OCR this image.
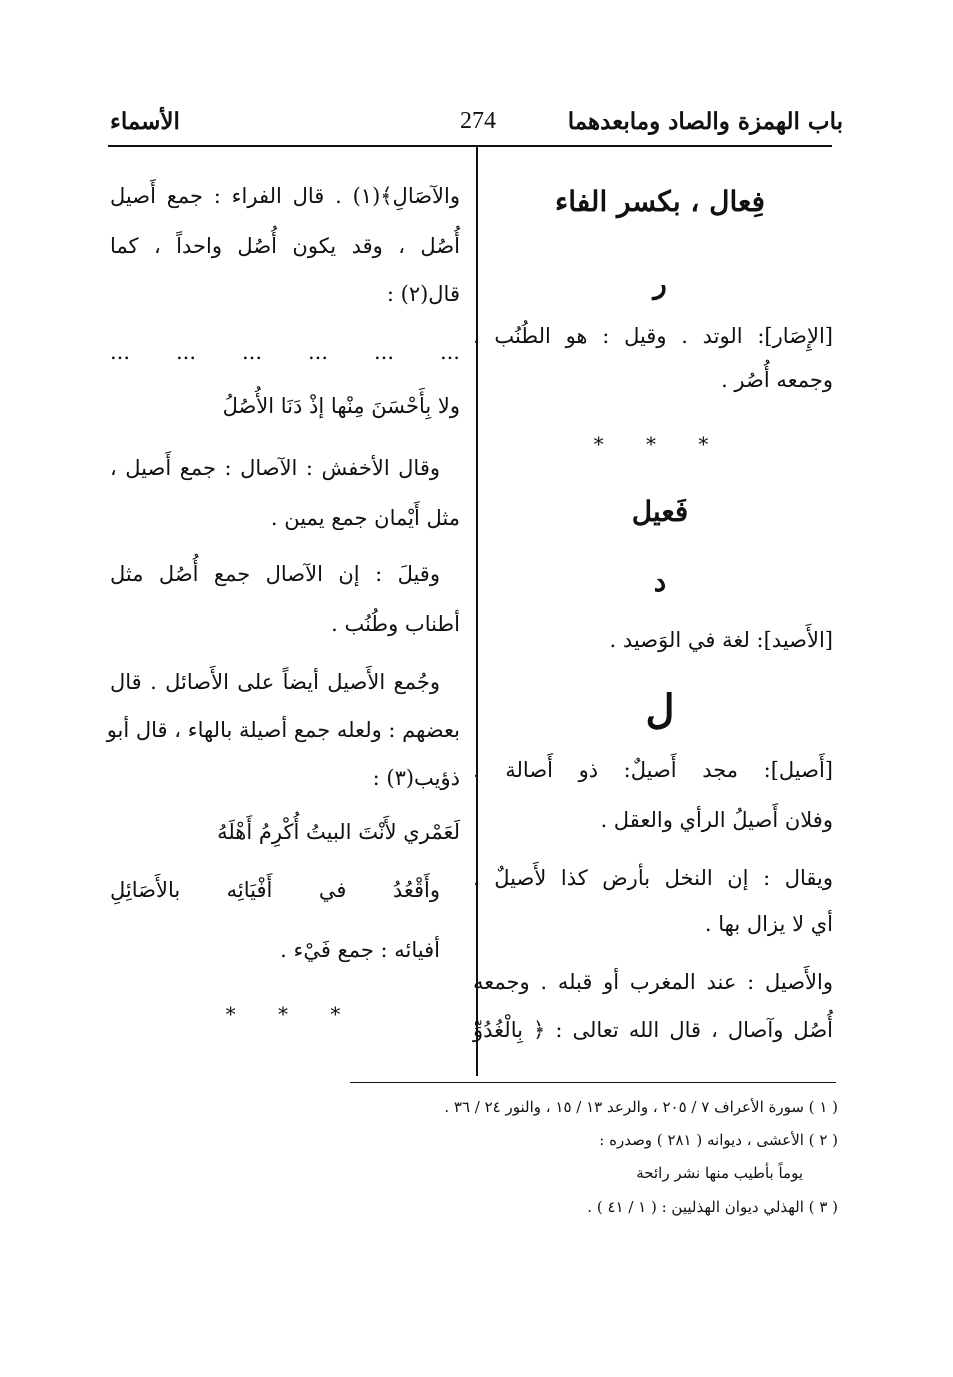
باب الهمزة والصاد ومابعدهما
274
الأسماء
فِعال ، بكسر الفاء
ر
[الإِصَار]: الوتد . وقيل : هو الطُنُب .
وجمعه أُصُر .
* * *
فَعيل
د
[الأَصيد]: لغة في الوَصيد .
ل
[أَصيل]: مجد أَصيلٌ: ذو أَصالة .
وفلان أَصيلُ الرأي والعقل .
ويقال : إن النخل بأرض كذا لأَصيلٌ .
أي لا يزال بها .
والأَصيل : عند المغرب أو قبله . وجمعه
أُصُل وآصال ، قال الله تعالى : ﴿ بِالْغُدُوِّ
والآصَالِ﴾(١) . قال الفراء : جمع أَصيل
أُصُل ، وقد يكون أُصُل واحداً ، كما
قال(٢) :
... ... ... ... ... ...
ولا بِأَحْسَنَ مِنْها إذْ دَنَا الأُصُلُ
وقال الأخفش : الآصال : جمع أَصيل ،
مثل أَيْمان جمع يمين .
وقيلَ : إن الآصال جمع أُصُل مثل
أطناب وطُنُب .
وجُمع الأَصيل أيضاً على الأَصائل . قال
بعضهم : ولعله جمع أصيلة بالهاء ، قال أبو
ذؤيب(٣) :
لَعَمْري لأَنْتَ البيتُ أُكْرِمُ أَهْلَهُ
وأَقْعُدُ في أَفْيَائِه بالأَصَائِلِ
أفيائه : جمع فَيْء .
* * *
( ١ ) سورة الأعراف ٧ / ٢٠٥ ، والرعد ١٣ / ١٥ ، والنور ٢٤ / ٣٦ .
( ٢ ) الأعشى ، ديوانه ( ٢٨١ ) وصدره :
يوماً بأطيب منها نشر رائحة
( ٣ ) الهذلي ديوان الهذليين : ( ١ / ٤١ ) .
